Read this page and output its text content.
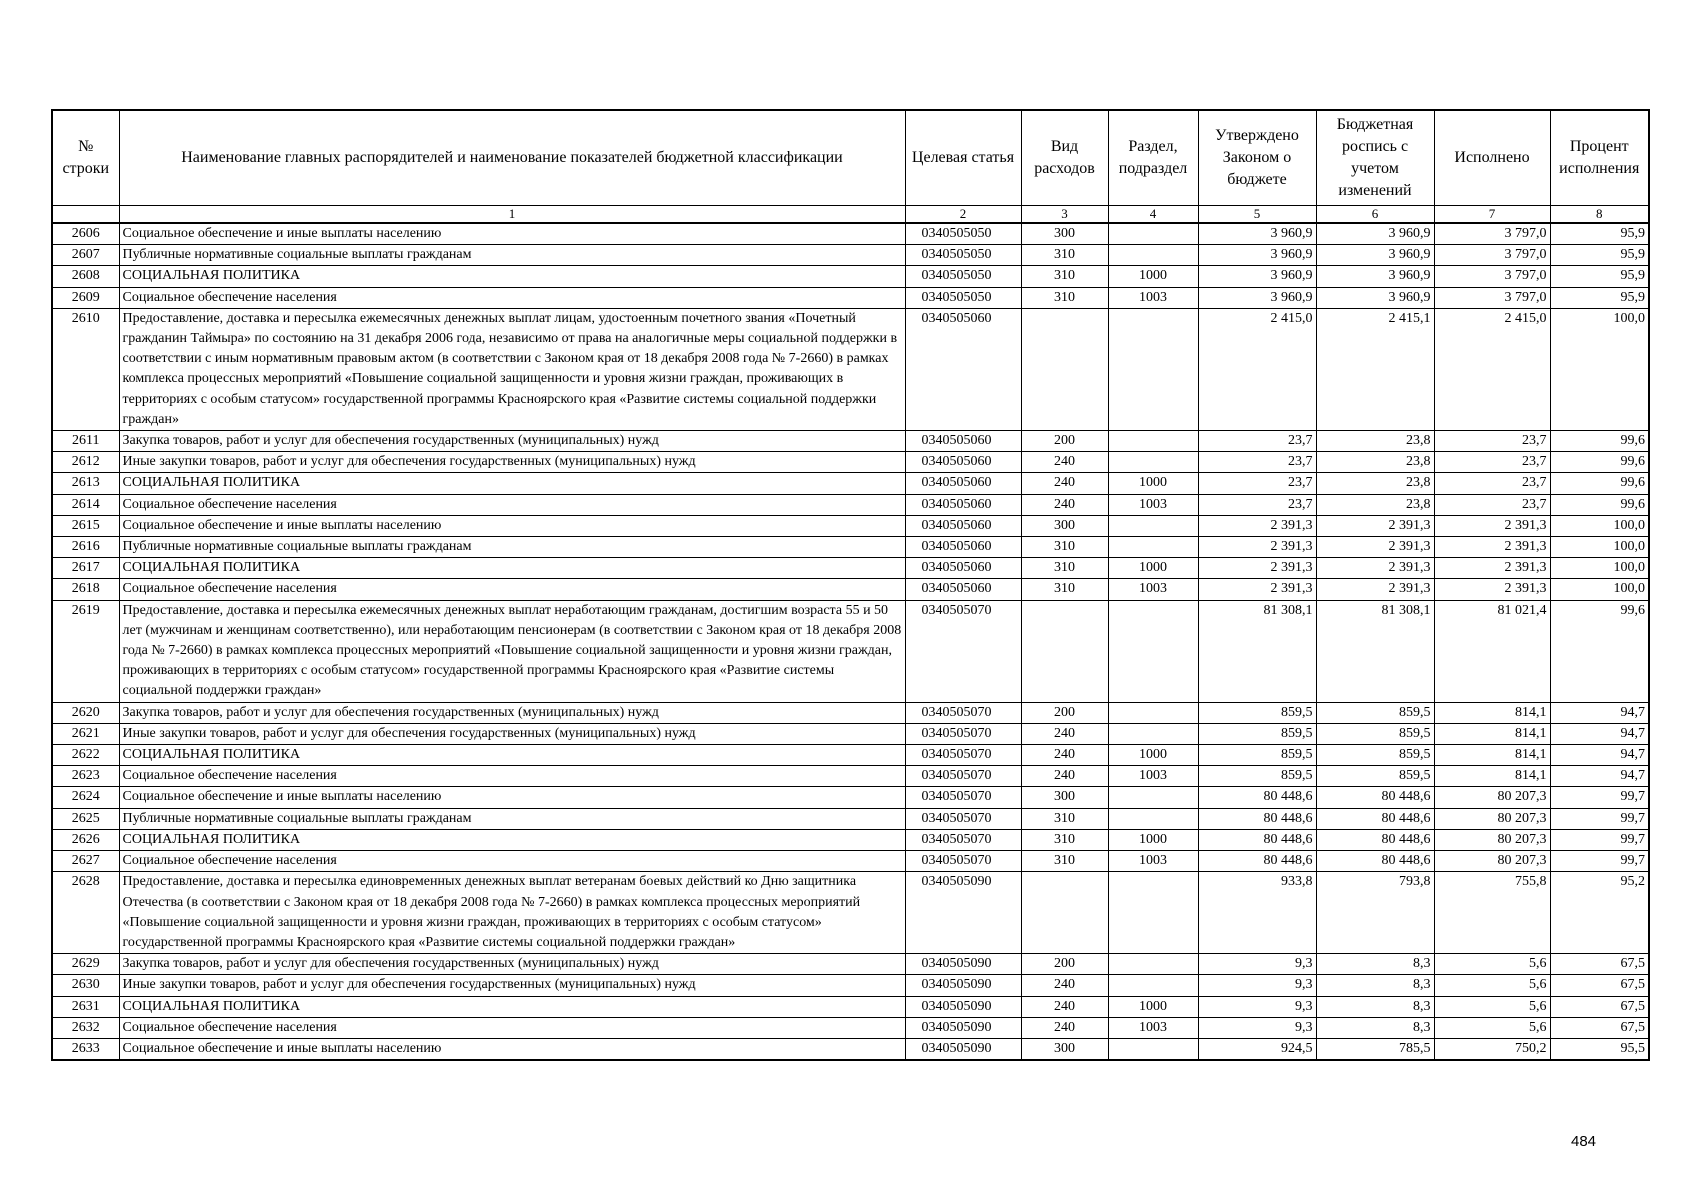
№ строки	Наименование главных распорядителей и наименование показателей бюджетной классификации	Целевая статья	Вид расходов	Раздел, подраздел	Утверждено Законом о бюджете	Бюджетная роспись с учетом изменений	Исполнено	Процент исполнения
	1	2	3	4	5	6	7	8
2606	Социальное обеспечение и иные выплаты населению	0340505050	300		3 960,9	3 960,9	3 797,0	95,9
2607	Публичные нормативные социальные выплаты гражданам	0340505050	310		3 960,9	3 960,9	3 797,0	95,9
2608	СОЦИАЛЬНАЯ ПОЛИТИКА	0340505050	310	1000	3 960,9	3 960,9	3 797,0	95,9
2609	Социальное обеспечение населения	0340505050	310	1003	3 960,9	3 960,9	3 797,0	95,9
2610	Предоставление, доставка и пересылка ежемесячных денежных выплат лицам, удостоенным почетного звания «Почетный гражданин Таймыра» по состоянию на 31 декабря 2006 года, независимо от права на аналогичные меры социальной поддержки в соответствии с иным нормативным правовым актом (в соответствии с Законом края от 18 декабря 2008 года № 7-2660) в рамках комплекса процессных мероприятий «Повышение социальной защищенности и уровня жизни граждан, проживающих в территориях с особым статусом» государственной программы Красноярского края «Развитие системы социальной поддержки граждан»	0340505060			2 415,0	2 415,1	2 415,0	100,0
2611	Закупка товаров, работ и услуг для обеспечения государственных (муниципальных) нужд	0340505060	200		23,7	23,8	23,7	99,6
2612	Иные закупки товаров, работ и услуг для обеспечения государственных (муниципальных) нужд	0340505060	240		23,7	23,8	23,7	99,6
2613	СОЦИАЛЬНАЯ ПОЛИТИКА	0340505060	240	1000	23,7	23,8	23,7	99,6
2614	Социальное обеспечение населения	0340505060	240	1003	23,7	23,8	23,7	99,6
2615	Социальное обеспечение и иные выплаты населению	0340505060	300		2 391,3	2 391,3	2 391,3	100,0
2616	Публичные нормативные социальные выплаты гражданам	0340505060	310		2 391,3	2 391,3	2 391,3	100,0
2617	СОЦИАЛЬНАЯ ПОЛИТИКА	0340505060	310	1000	2 391,3	2 391,3	2 391,3	100,0
2618	Социальное обеспечение населения	0340505060	310	1003	2 391,3	2 391,3	2 391,3	100,0
2619	Предоставление, доставка и пересылка ежемесячных денежных выплат неработающим гражданам, достигшим возраста 55 и 50 лет (мужчинам и женщинам соответственно), или неработающим пенсионерам (в соответствии с Законом края от 18 декабря 2008 года № 7-2660) в рамках комплекса процессных мероприятий «Повышение социальной защищенности и уровня жизни граждан, проживающих в территориях с особым статусом» государственной программы Красноярского края «Развитие системы социальной поддержки граждан»	0340505070			81 308,1	81 308,1	81 021,4	99,6
2620	Закупка товаров, работ и услуг для обеспечения государственных (муниципальных) нужд	0340505070	200		859,5	859,5	814,1	94,7
2621	Иные закупки товаров, работ и услуг для обеспечения государственных (муниципальных) нужд	0340505070	240		859,5	859,5	814,1	94,7
2622	СОЦИАЛЬНАЯ ПОЛИТИКА	0340505070	240	1000	859,5	859,5	814,1	94,7
2623	Социальное обеспечение населения	0340505070	240	1003	859,5	859,5	814,1	94,7
2624	Социальное обеспечение и иные выплаты населению	0340505070	300		80 448,6	80 448,6	80 207,3	99,7
2625	Публичные нормативные социальные выплаты гражданам	0340505070	310		80 448,6	80 448,6	80 207,3	99,7
2626	СОЦИАЛЬНАЯ ПОЛИТИКА	0340505070	310	1000	80 448,6	80 448,6	80 207,3	99,7
2627	Социальное обеспечение населения	0340505070	310	1003	80 448,6	80 448,6	80 207,3	99,7
2628	Предоставление, доставка и пересылка единовременных денежных выплат ветеранам боевых действий ко Дню защитника Отечества (в соответствии с Законом края от 18 декабря 2008 года № 7-2660) в рамках комплекса процессных мероприятий «Повышение социальной защищенности и уровня жизни граждан, проживающих в территориях с особым статусом» государственной программы Красноярского края «Развитие системы социальной поддержки граждан»	0340505090			933,8	793,8	755,8	95,2
2629	Закупка товаров, работ и услуг для обеспечения государственных (муниципальных) нужд	0340505090	200		9,3	8,3	5,6	67,5
2630	Иные закупки товаров, работ и услуг для обеспечения государственных (муниципальных) нужд	0340505090	240		9,3	8,3	5,6	67,5
2631	СОЦИАЛЬНАЯ ПОЛИТИКА	0340505090	240	1000	9,3	8,3	5,6	67,5
2632	Социальное обеспечение населения	0340505090	240	1003	9,3	8,3	5,6	67,5
2633	Социальное обеспечение и иные выплаты населению	0340505090	300		924,5	785,5	750,2	95,5
484
